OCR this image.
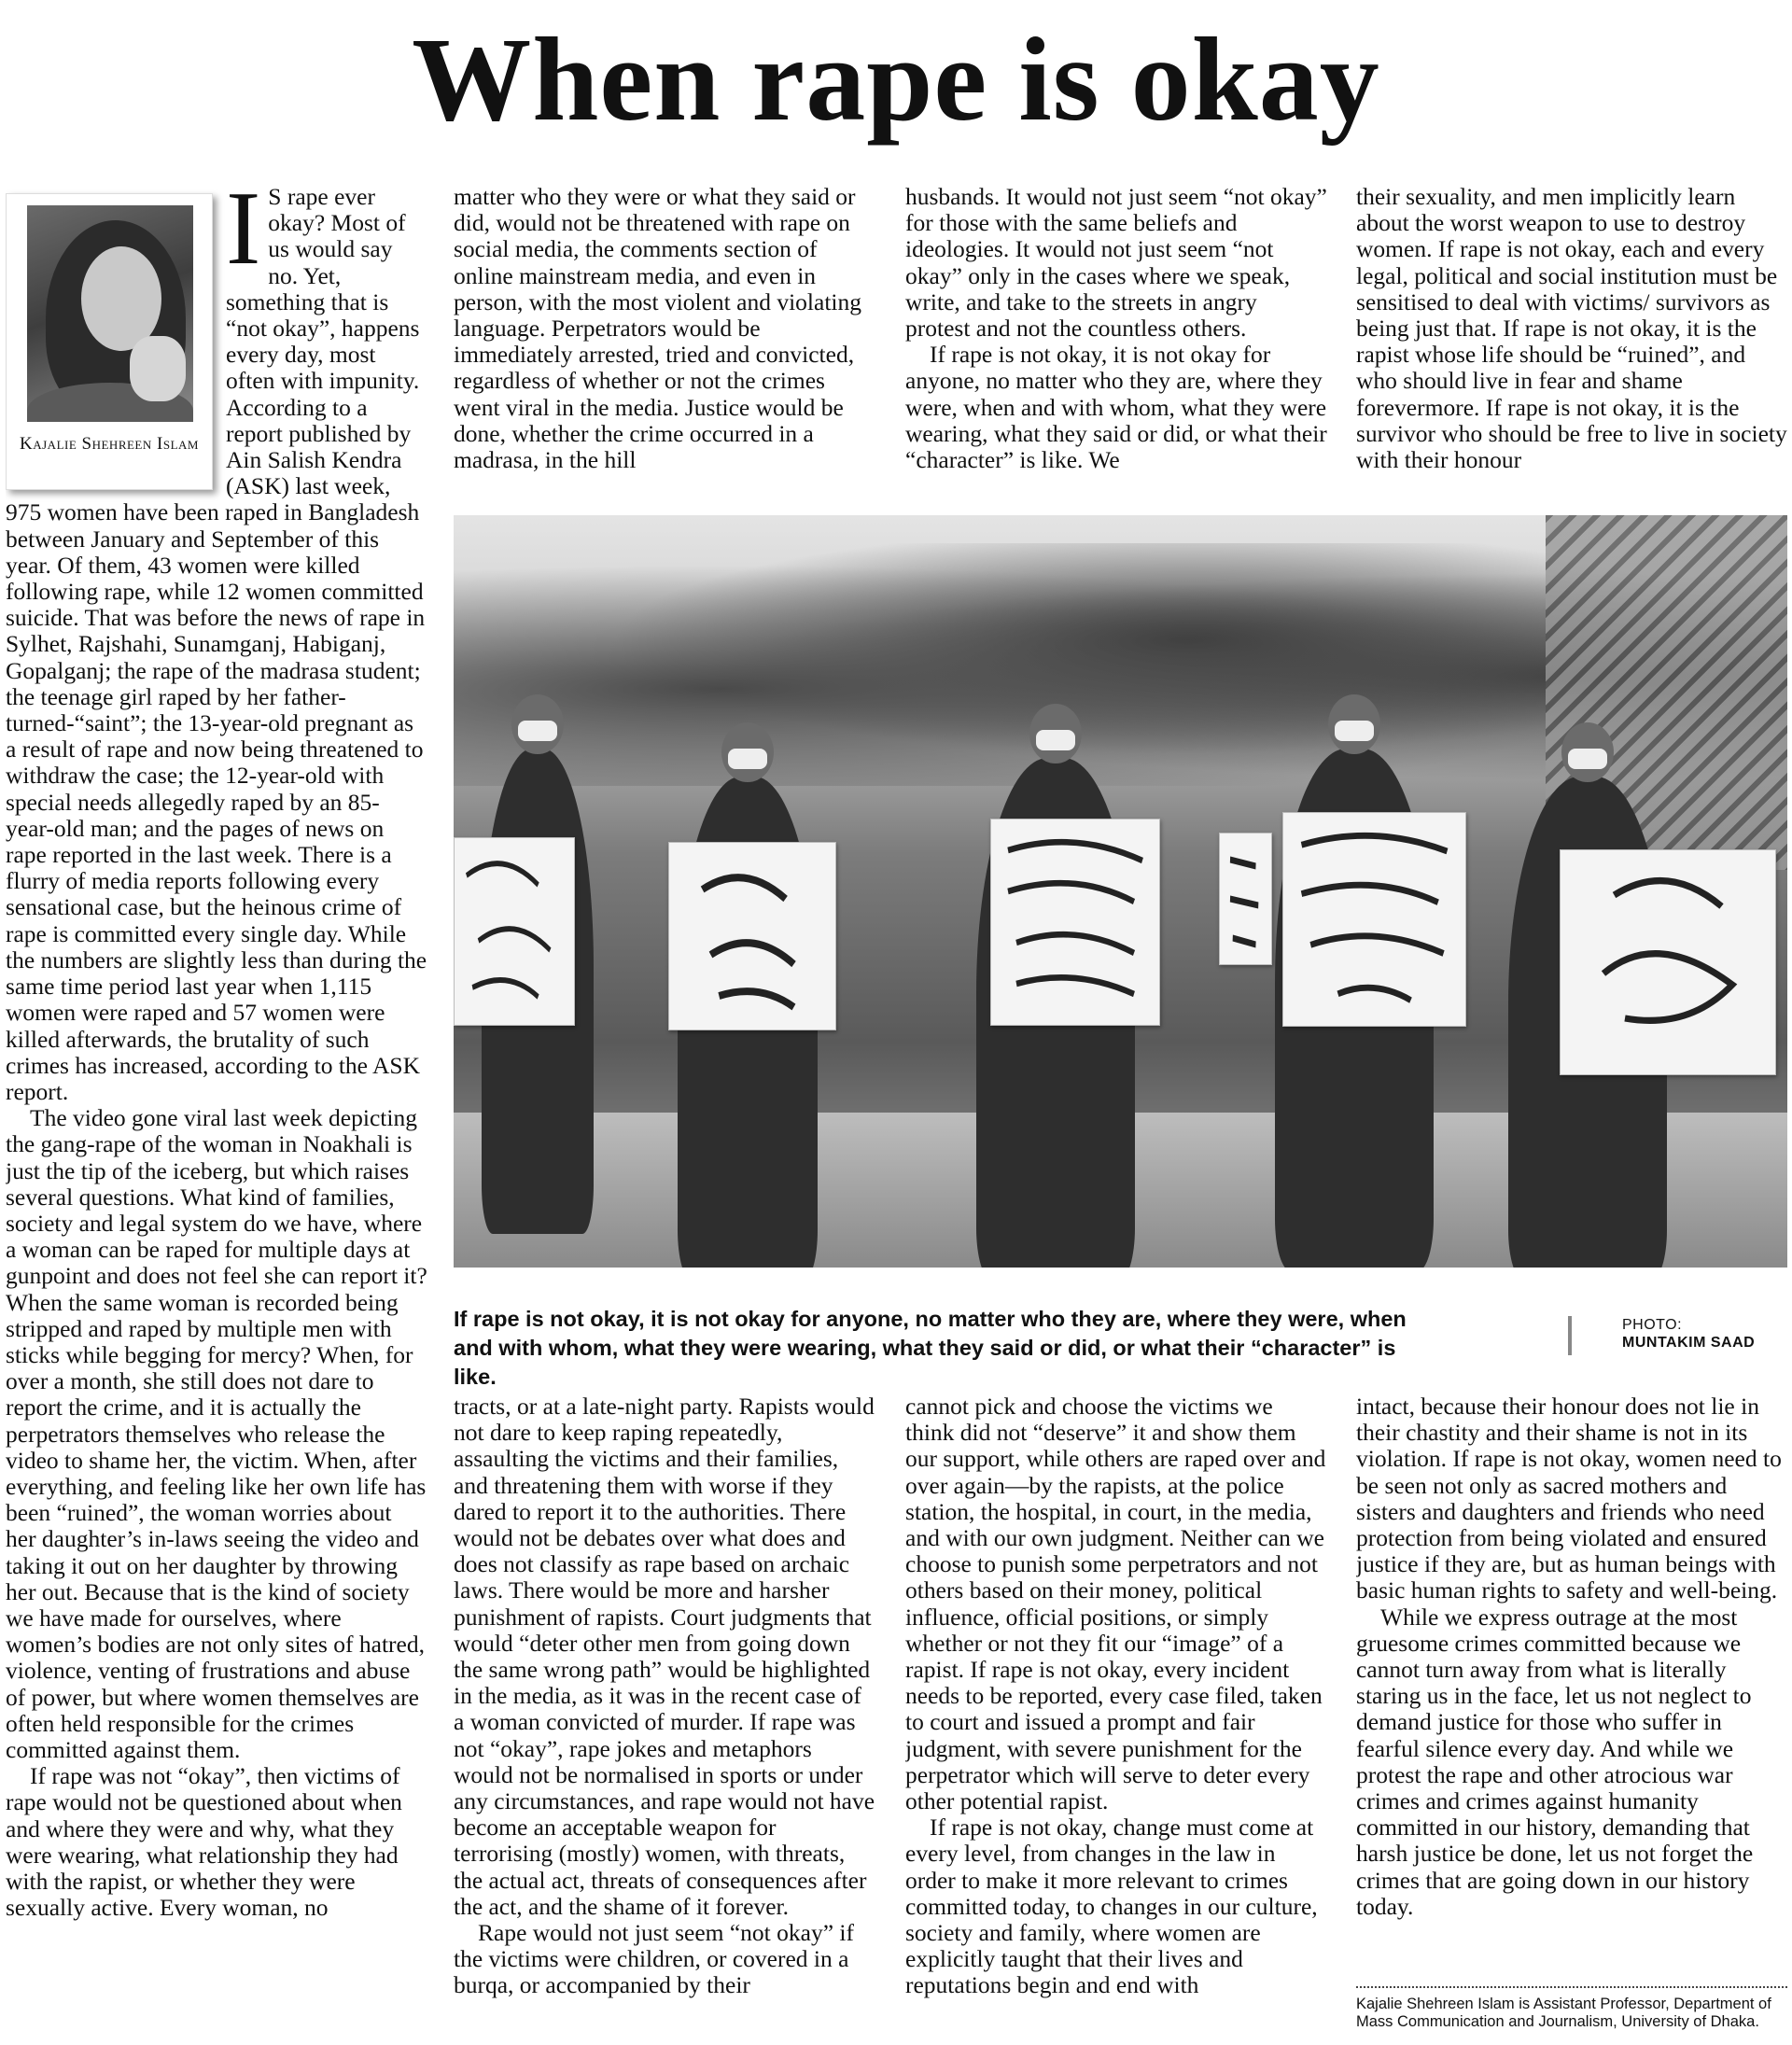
When rape is okay
Kajalie Shehreen Islam

I S rape ever okay? Most of us would say no. Yet, something that is “not okay”, happens every day, most often with impunity. According to a report published by Ain Salish Kendra (ASK) last week, 975 women have been raped in Bangladesh between January and September of this year. Of them, 43 women were killed following rape, while 12 women committed suicide. That was before the news of rape in Sylhet, Rajshahi, Sunamganj, Habiganj, Gopalganj; the rape of the madrasa student; the teenage girl raped by her father-turned-“saint”; the 13-year-old pregnant as a result of rape and now being threatened to withdraw the case; the 12-year-old with special needs allegedly raped by an 85-year-old man; and the pages of news on rape reported in the last week. There is a flurry of media reports following every sensational case, but the heinous crime of rape is committed every single day. While the numbers are slightly less than during the same time period last year when 1,115 women were raped and 57 women were killed afterwards, the brutality of such crimes has increased, according to the ASK report.

The video gone viral last week depicting the gang-rape of the woman in Noakhali is just the tip of the iceberg, but which raises several questions. What kind of families, society and legal system do we have, where a woman can be raped for multiple days at gunpoint and does not feel she can report it? When the same woman is recorded being stripped and raped by multiple men with sticks while begging for mercy? When, for over a month, she still does not dare to report the crime, and it is actually the perpetrators themselves who release the video to shame her, the victim. When, after everything, and feeling like her own life has been “ruined”, the woman worries about her daughter’s in-laws seeing the video and taking it out on her daughter by throwing her out. Because that is the kind of society we have made for ourselves, where women’s bodies are not only sites of hatred, violence, venting of frustrations and abuse of power, but where women themselves are often held responsible for the crimes committed against them.

If rape was not “okay”, then victims of rape would not be questioned about when and where they were and why, what they were wearing, what relationship they had with the rapist, or whether they were sexually active. Every woman, no

matter who they were or what they said or did, would not be threatened with rape on social media, the comments section of online mainstream media, and even in person, with the most violent and violating language. Perpetrators would be immediately arrested, tried and convicted, regardless of whether or not the crimes went viral in the media. Justice would be done, whether the crime occurred in a madrasa, in the hill

husbands. It would not just seem “not okay” for those with the same beliefs and ideologies. It would not just seem “not okay” only in the cases where we speak, write, and take to the streets in angry protest and not the countless others.

If rape is not okay, it is not okay for anyone, no matter who they are, where they were, when and with whom, what they were wearing, what they said or did, or what their “character” is like. We

their sexuality, and men implicitly learn about the worst weapon to use to destroy women. If rape is not okay, each and every legal, political and social institution must be sensitised to deal with victims/ survivors as being just that. If rape is not okay, it is the rapist whose life should be “ruined”, and who should live in fear and shame forevermore. If rape is not okay, it is the survivor who should be free to live in society with their honour

If rape is not okay, it is not okay for anyone, no matter who they are, where they were, when and with whom, what they were wearing, what they said or did, or what their “character” is like.
PHOTO:
MUNTAKIM SAAD

tracts, or at a late-night party. Rapists would not dare to keep raping repeatedly, assaulting the victims and their families, and threatening them with worse if they dared to report it to the authorities. There would not be debates over what does and does not classify as rape based on archaic laws. There would be more and harsher punishment of rapists. Court judgments that would “deter other men from going down the same wrong path” would be highlighted in the media, as it was in the recent case of a woman convicted of murder. If rape was not “okay”, rape jokes and metaphors would not be normalised in sports or under any circumstances, and rape would not have become an acceptable weapon for terrorising (mostly) women, with threats, the actual act, threats of consequences after the act, and the shame of it forever.

Rape would not just seem “not okay” if the victims were children, or covered in a burqa, or accompanied by their

cannot pick and choose the victims we think did not “deserve” it and show them our support, while others are raped over and over again—by the rapists, at the police station, the hospital, in court, in the media, and with our own judgment. Neither can we choose to punish some perpetrators and not others based on their money, political influence, official positions, or simply whether or not they fit our “image” of a rapist. If rape is not okay, every incident needs to be reported, every case filed, taken to court and issued a prompt and fair judgment, with severe punishment for the perpetrator which will serve to deter every other potential rapist.

If rape is not okay, change must come at every level, from changes in the law in order to make it more relevant to crimes committed today, to changes in our culture, society and family, where women are explicitly taught that their lives and reputations begin and end with

intact, because their honour does not lie in their chastity and their shame is not in its violation. If rape is not okay, women need to be seen not only as sacred mothers and sisters and daughters and friends who need protection from being violated and ensured justice if they are, but as human beings with basic human rights to safety and well-being.

While we express outrage at the most gruesome crimes committed because we cannot turn away from what is literally staring us in the face, let us not neglect to demand justice for those who suffer in fearful silence every day. And while we protest the rape and other atrocious war crimes and crimes against humanity committed in our history, demanding that harsh justice be done, let us not forget the crimes that are going down in our history today.

Kajalie Shehreen Islam is Assistant Professor, Department of Mass Communication and Journalism, University of Dhaka.
